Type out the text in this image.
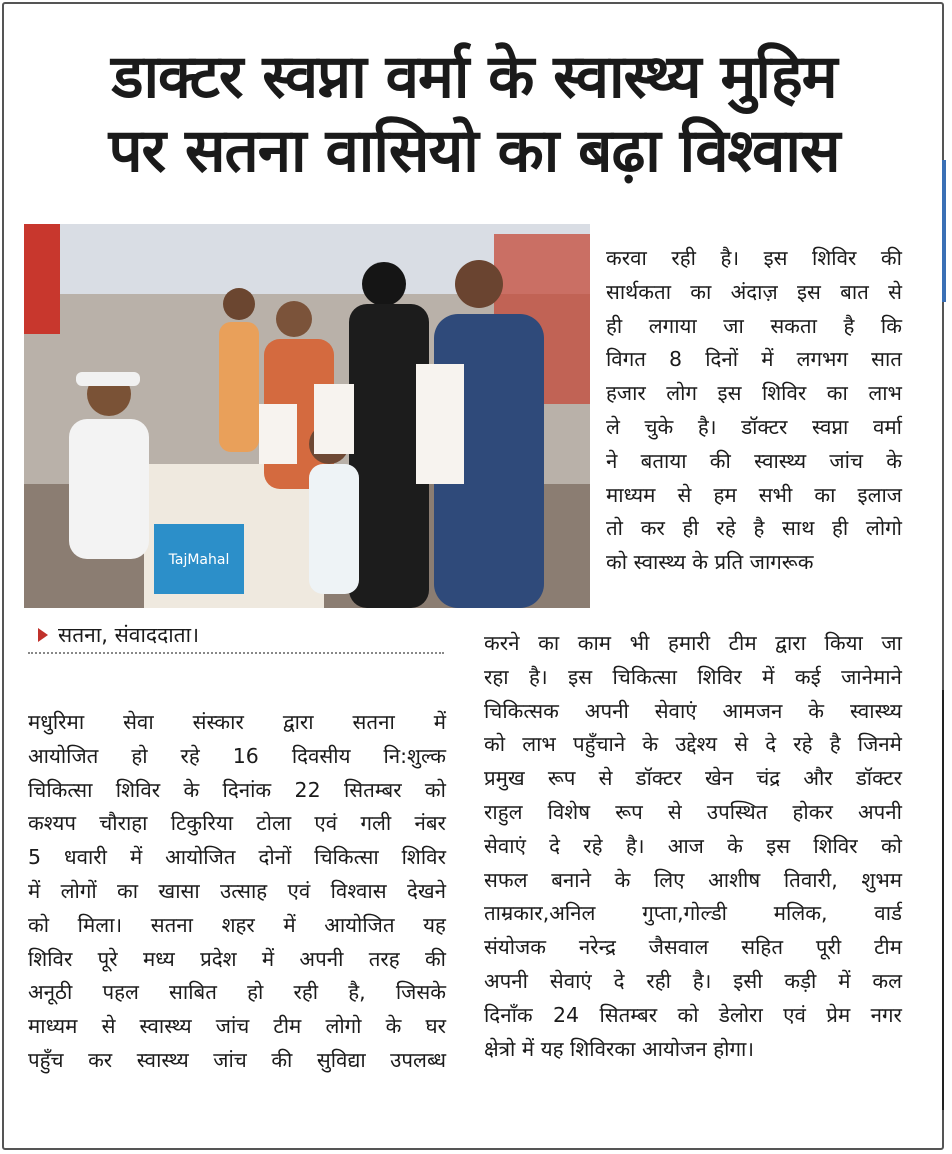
डाक्टर स्वप्ना वर्मा के स्वास्थ्य मुहिम
पर सतना वासियो का बढ़ा विश्वास
TajMahal
सतना, संवाददाता।
करवा रही है। इस शिविर की
सार्थकता का अंदाज़ इस बात से
ही लगाया जा सकता है कि
विगत 8 दिनों में लगभग सात
हजार लोग इस शिविर का लाभ
ले चुके है। डॉक्टर स्वप्ना वर्मा
ने बताया की स्वास्थ्य जांच के
माध्यम से हम सभी का इलाज
तो कर ही रहे है साथ ही लोगो
को स्वास्थ्य के प्रति जागरूक
करने का काम भी हमारी टीम द्वारा किया जा
रहा है। इस चिकित्सा शिविर में कई जानेमाने
चिकित्सक अपनी सेवाएं आमजन के स्वास्थ्य
को लाभ पहुँचाने के उद्देश्य से दे रहे है जिनमे
प्रमुख रूप से डॉक्टर खेन चंद्र और डॉक्टर
राहुल विशेष रूप से उपस्थित होकर अपनी
सेवाएं दे रहे है। आज के इस शिविर को
सफल बनाने के लिए आशीष तिवारी, शुभम
ताम्रकार,अनिल गुप्ता,गोल्डी मलिक, वार्ड
संयोजक नरेन्द्र जैसवाल सहित पूरी टीम
अपनी सेवाएं दे रही है। इसी कड़ी में कल
दिनाँक 24 सितम्बर को डेलोरा एवं प्रेम नगर
क्षेत्रो में यह शिविरका आयोजन होगा।
मधुरिमा सेवा संस्कार द्वारा सतना में
आयोजित हो रहे 16 दिवसीय नि:शुल्क
चिकित्सा शिविर के दिनांक 22 सितम्बर को
कश्यप चौराहा टिकुरिया टोला एवं गली नंबर
5 धवारी में आयोजित दोनों चिकित्सा शिविर
में लोगों का खासा उत्साह एवं विश्वास देखने
को मिला। सतना शहर में आयोजित यह
शिविर पूरे मध्य प्रदेश में अपनी तरह की
अनूठी पहल साबित हो रही है, जिसके
माध्यम से स्वास्थ्य जांच टीम लोगो के घर
पहुँच कर स्वास्थ्य जांच की सुविद्या उपलब्ध
